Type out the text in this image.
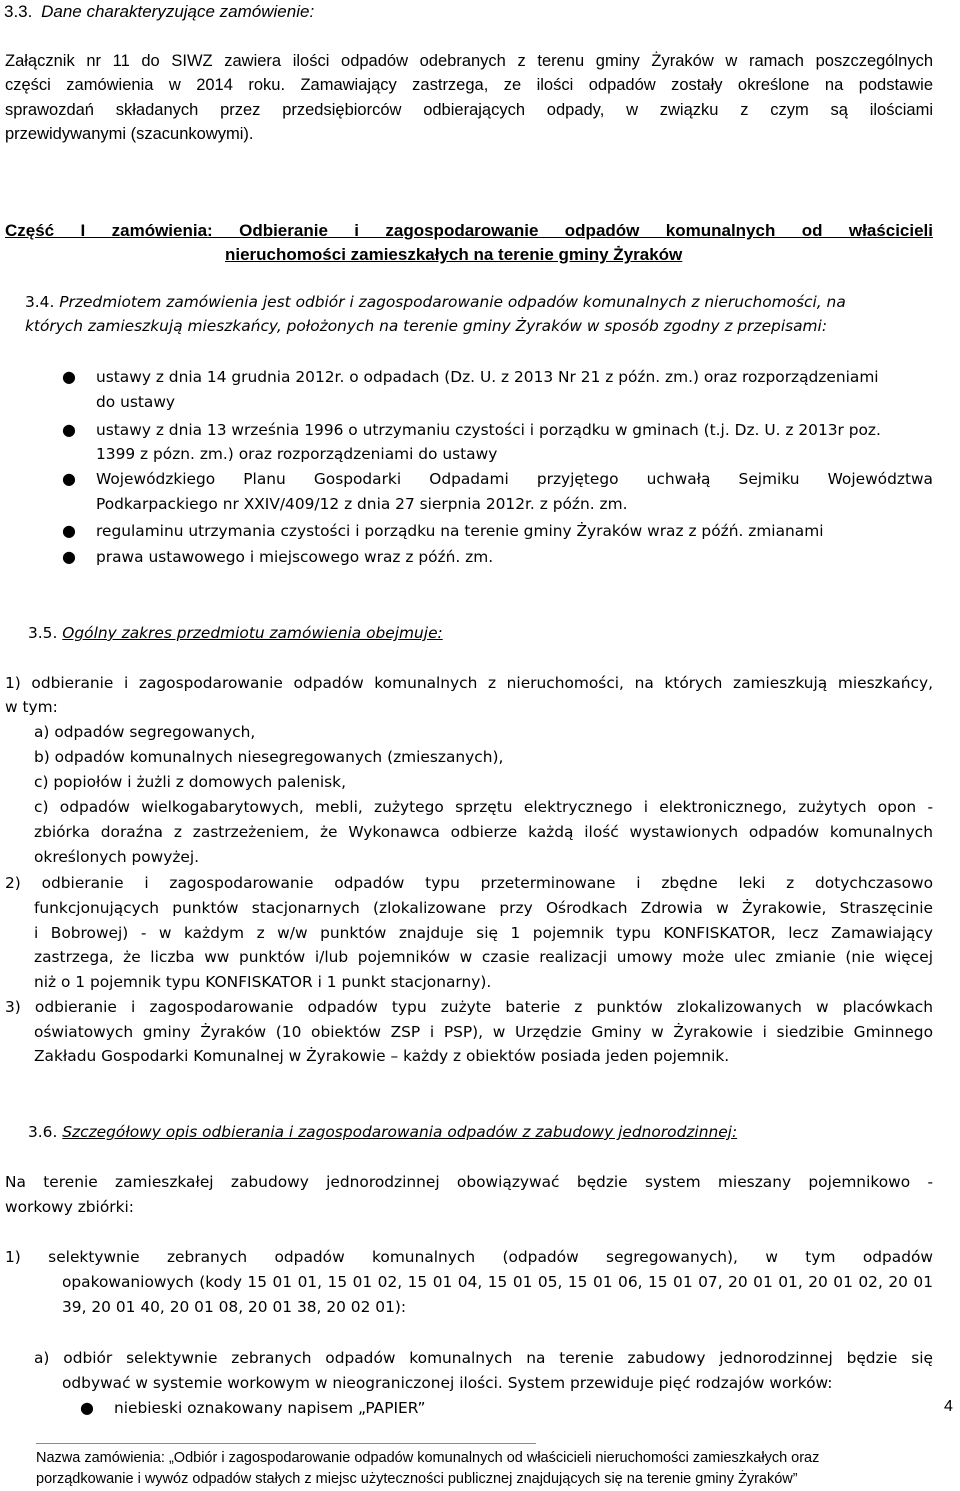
3.3. Dane charakteryzujące zamówienie:
Załącznik nr 11 do SIWZ zawiera ilości odpadów odebranych z terenu gminy Żyraków w ramach poszczególnych
części zamówienia w 2014 roku. Zamawiający zastrzega, ze ilości odpadów zostały określone na podstawie
sprawozdań składanych przez przedsiębiorców odbierających odpady, w związku z czym są ilościami
przewidywanymi (szacunkowymi).
Część I zamówienia: Odbieranie i zagospodarowanie odpadów komunalnych od właścicieli
nieruchomości zamieszkałych na terenie gminy Żyraków
3.4. Przedmiotem zamówienia jest odbiór i zagospodarowanie odpadów komunalnych z nieruchomości, na
których zamieszkują mieszkańcy, położonych na terenie gminy Żyraków w sposób zgodny z przepisami:
● ustawy z dnia 14 grudnia 2012r. o odpadach (Dz. U. z 2013 Nr 21 z późn. zm.) oraz rozporządzeniami
do ustawy
● ustawy z dnia 13 września 1996 o utrzymaniu czystości i porządku w gminach (t.j. Dz. U. z 2013r poz.
1399 z pózn. zm.) oraz rozporządzeniami do ustawy
● Wojewódzkiego Planu Gospodarki Odpadami przyjętego uchwałą Sejmiku Województwa
Podkarpackiego nr XXIV/409/12 z dnia 27 sierpnia 2012r. z późn. zm.
● regulaminu utrzymania czystości i porządku na terenie gminy Żyraków wraz z późń. zmianami
● prawa ustawowego i miejscowego wraz z późń. zm.
3.5. Ogólny zakres przedmiotu zamówienia obejmuje:
1) odbieranie i zagospodarowanie odpadów komunalnych z nieruchomości, na których zamieszkują mieszkańcy,
w tym:
a) odpadów segregowanych,
b) odpadów komunalnych niesegregowanych (zmieszanych),
c) popiołów i żużli z domowych palenisk,
c) odpadów wielkogabarytowych, mebli, zużytego sprzętu elektrycznego i elektronicznego, zużytych opon -
zbiórka doraźna z zastrzeżeniem, że Wykonawca odbierze każdą ilość wystawionych odpadów komunalnych
określonych powyżej.
2) odbieranie i zagospodarowanie odpadów typu przeterminowane i zbędne leki z dotychczasowo
funkcjonujących punktów stacjonarnych (zlokalizowane przy Ośrodkach Zdrowia w Żyrakowie, Straszęcinie
i Bobrowej) - w każdym z w/w punktów znajduje się 1 pojemnik typu KONFISKATOR, lecz Zamawiający
zastrzega, że liczba ww punktów i/lub pojemników w czasie realizacji umowy może ulec zmianie (nie więcej
niż o 1 pojemnik typu KONFISKATOR i 1 punkt stacjonarny).
3) odbieranie i zagospodarowanie odpadów typu zużyte baterie z punktów zlokalizowanych w placówkach
oświatowych gminy Żyraków (10 obiektów ZSP i PSP), w Urzędzie Gminy w Żyrakowie i siedzibie Gminnego
Zakładu Gospodarki Komunalnej w Żyrakowie – każdy z obiektów posiada jeden pojemnik.
3.6. Szczegółowy opis odbierania i zagospodarowania odpadów z zabudowy jednorodzinnej:
Na terenie zamieszkałej zabudowy jednorodzinnej obowiązywać będzie system mieszany pojemnikowo -
workowy zbiórki:
1) selektywnie zebranych odpadów komunalnych (odpadów segregowanych), w tym odpadów
opakowaniowych (kody 15 01 01, 15 01 02, 15 01 04, 15 01 05, 15 01 06, 15 01 07, 20 01 01, 20 01 02, 20 01
39, 20 01 40, 20 01 08, 20 01 38, 20 02 01):
a) odbiór selektywnie zebranych odpadów komunalnych na terenie zabudowy jednorodzinnej będzie się
odbywać w systemie workowym w nieograniczonej ilości. System przewiduje pięć rodzajów worków:
● niebieski oznakowany napisem „PAPIER”	4
Nazwa zamówienia: „Odbiór i zagospodarowanie odpadów komunalnych od właścicieli nieruchomości zamieszkałych oraz
porządkowanie i wywóz odpadów stałych z miejsc użyteczności publicznej znajdujących się na terenie gminy Żyraków”
